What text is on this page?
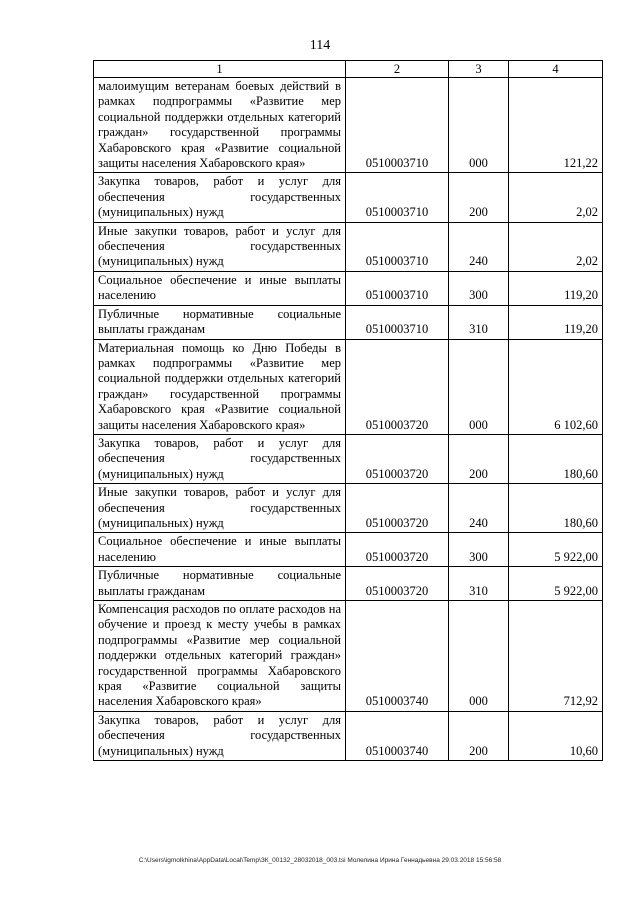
114
1	2	3	4
малоимущим ветеранам боевых действий в рамках подпрограммы «Развитие мер социальной поддержки отдельных категорий граждан» государственной программы Хабаровского края «Развитие социальной защиты населения Хабаровского края»	0510003710	000	121,22
Закупка товаров, работ и услуг для обеспечения государственных (муниципальных) нужд	0510003710	200	2,02
Иные закупки товаров, работ и услуг для обеспечения государственных (муниципальных) нужд	0510003710	240	2,02
Социальное обеспечение и иные выплаты населению	0510003710	300	119,20
Публичные нормативные социальные выплаты гражданам	0510003710	310	119,20
Материальная помощь ко Дню Победы в рамках подпрограммы «Развитие мер социальной поддержки отдельных категорий граждан» государственной программы Хабаровского края «Развитие социальной защиты населения Хабаровского края»	0510003720	000	6 102,60
Закупка товаров, работ и услуг для обеспечения государственных (муниципальных) нужд	0510003720	200	180,60
Иные закупки товаров, работ и услуг для обеспечения государственных (муниципальных) нужд	0510003720	240	180,60
Социальное обеспечение и иные выплаты населению	0510003720	300	5 922,00
Публичные нормативные социальные выплаты гражданам	0510003720	310	5 922,00
Компенсация расходов по оплате расходов на обучение и проезд к месту учебы в рамках подпрограммы «Развитие мер социальной поддержки отдельных категорий граждан» государственной программы Хабаровского края «Развитие социальной защиты населения Хабаровского края»	0510003740	000	712,92
Закупка товаров, работ и услуг для обеспечения государственных (муниципальных) нужд	0510003740	200	10,60
C:\Users\igmolkhina\AppData\Local\Temp\ЗК_00132_28032018_003.tsi Молелина Ирина Геннадьевна 29.03.2018 15:56:58
